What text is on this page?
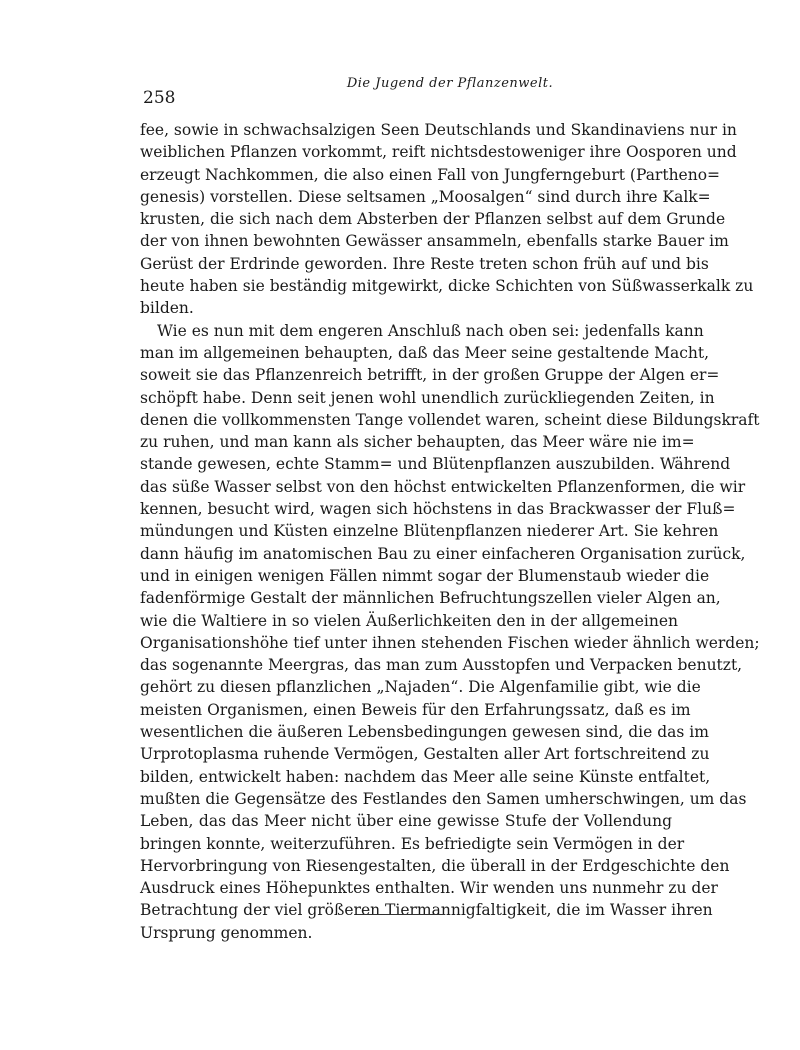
Die Jugend der Pflanzenwelt.
258
fee, sowie in schwachsalzigen Seen Deutschlands und Skandinaviens nur in
weiblichen Pflanzen vorkommt, reift nichtsdestoweniger ihre Oosporen und
erzeugt Nachkommen, die also einen Fall von Jungferngeburt (Partheno=
genesis) vorstellen. Diese seltsamen „Moosalgen“ sind durch ihre Kalk=
krusten, die sich nach dem Absterben der Pflanzen selbst auf dem Grunde
der von ihnen bewohnten Gewässer ansammeln, ebenfalls starke Bauer im
Gerüst der Erdrinde geworden. Ihre Reste treten schon früh auf und bis
heute haben sie beständig mitgewirkt, dicke Schichten von Süßwasserkalk zu
bilden.
Wie es nun mit dem engeren Anschluß nach oben sei: jedenfalls kann
man im allgemeinen behaupten, daß das Meer seine gestaltende Macht,
soweit sie das Pflanzenreich betrifft, in der großen Gruppe der Algen er=
schöpft habe. Denn seit jenen wohl unendlich zurückliegenden Zeiten, in
denen die vollkommensten Tange vollendet waren, scheint diese Bildungskraft
zu ruhen, und man kann als sicher behaupten, das Meer wäre nie im=
stande gewesen, echte Stamm= und Blütenpflanzen auszubilden. Während
das süße Wasser selbst von den höchst entwickelten Pflanzenformen, die wir
kennen, besucht wird, wagen sich höchstens in das Brackwasser der Fluß=
mündungen und Küsten einzelne Blütenpflanzen niederer Art. Sie kehren
dann häufig im anatomischen Bau zu einer einfacheren Organisation zurück,
und in einigen wenigen Fällen nimmt sogar der Blumenstaub wieder die
fadenförmige Gestalt der männlichen Befruchtungszellen vieler Algen an,
wie die Waltiere in so vielen Äußerlichkeiten den in der allgemeinen
Organisationshöhe tief unter ihnen stehenden Fischen wieder ähnlich werden;
das sogenannte Meergras, das man zum Ausstopfen und Verpacken benutzt,
gehört zu diesen pflanzlichen „Najaden“. Die Algenfamilie gibt, wie die
meisten Organismen, einen Beweis für den Erfahrungssatz, daß es im
wesentlichen die äußeren Lebensbedingungen gewesen sind, die das im
Urprotoplasma ruhende Vermögen, Gestalten aller Art fortschreitend zu
bilden, entwickelt haben: nachdem das Meer alle seine Künste entfaltet,
mußten die Gegensätze des Festlandes den Samen umherschwingen, um das
Leben, das das Meer nicht über eine gewisse Stufe der Vollendung
bringen konnte, weiterzuführen. Es befriedigte sein Vermögen in der
Hervorbringung von Riesengestalten, die überall in der Erdgeschichte den
Ausdruck eines Höhepunktes enthalten. Wir wenden uns nunmehr zu der
Betrachtung der viel größeren Tiermannigfaltigkeit, die im Wasser ihren
Ursprung genommen.
